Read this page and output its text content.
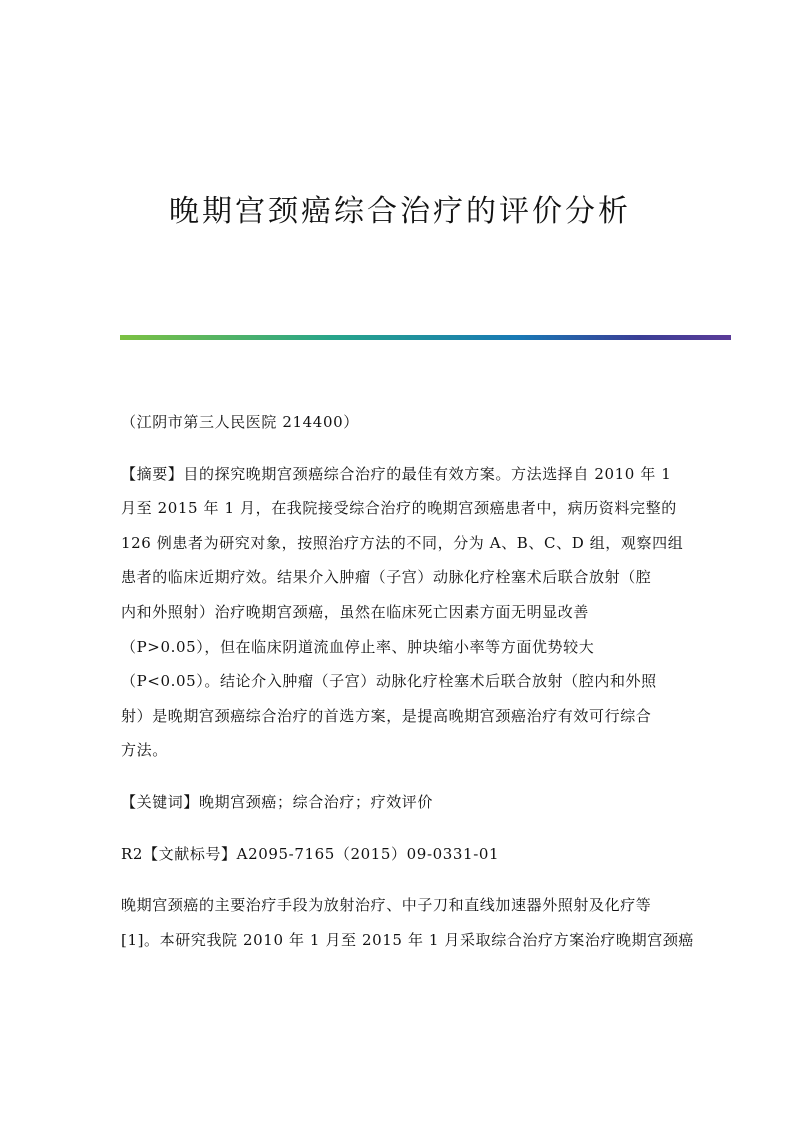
晚期宫颈癌综合治疗的评价分析

（江阴市第三人民医院 214400）

【摘要】目的探究晚期宫颈癌综合治疗的最佳有效方案。方法选择自 2010 年 1
月至 2015 年 1 月，在我院接受综合治疗的晚期宫颈癌患者中，病历资料完整的
126 例患者为研究对象，按照治疗方法的不同，分为 A、B、C、D 组，观察四组
患者的临床近期疗效。结果介入肿瘤（子宫）动脉化疗栓塞术后联合放射（腔
内和外照射）治疗晚期宫颈癌，虽然在临床死亡因素方面无明显改善
（P>0.05），但在临床阴道流血停止率、肿块缩小率等方面优势较大
（P<0.05）。结论介入肿瘤（子宫）动脉化疗栓塞术后联合放射（腔内和外照
射）是晚期宫颈癌综合治疗的首选方案，是提高晚期宫颈癌治疗有效可行综合
方法。

【关键词】晚期宫颈癌；综合治疗；疗效评价

R2【文献标号】A2095-7165（2015）09-0331-01

晚期宫颈癌的主要治疗手段为放射治疗、中子刀和直线加速器外照射及化疗等
[1]。本研究我院 2010 年 1 月至 2015 年 1 月采取综合治疗方案治疗晚期宫颈癌
